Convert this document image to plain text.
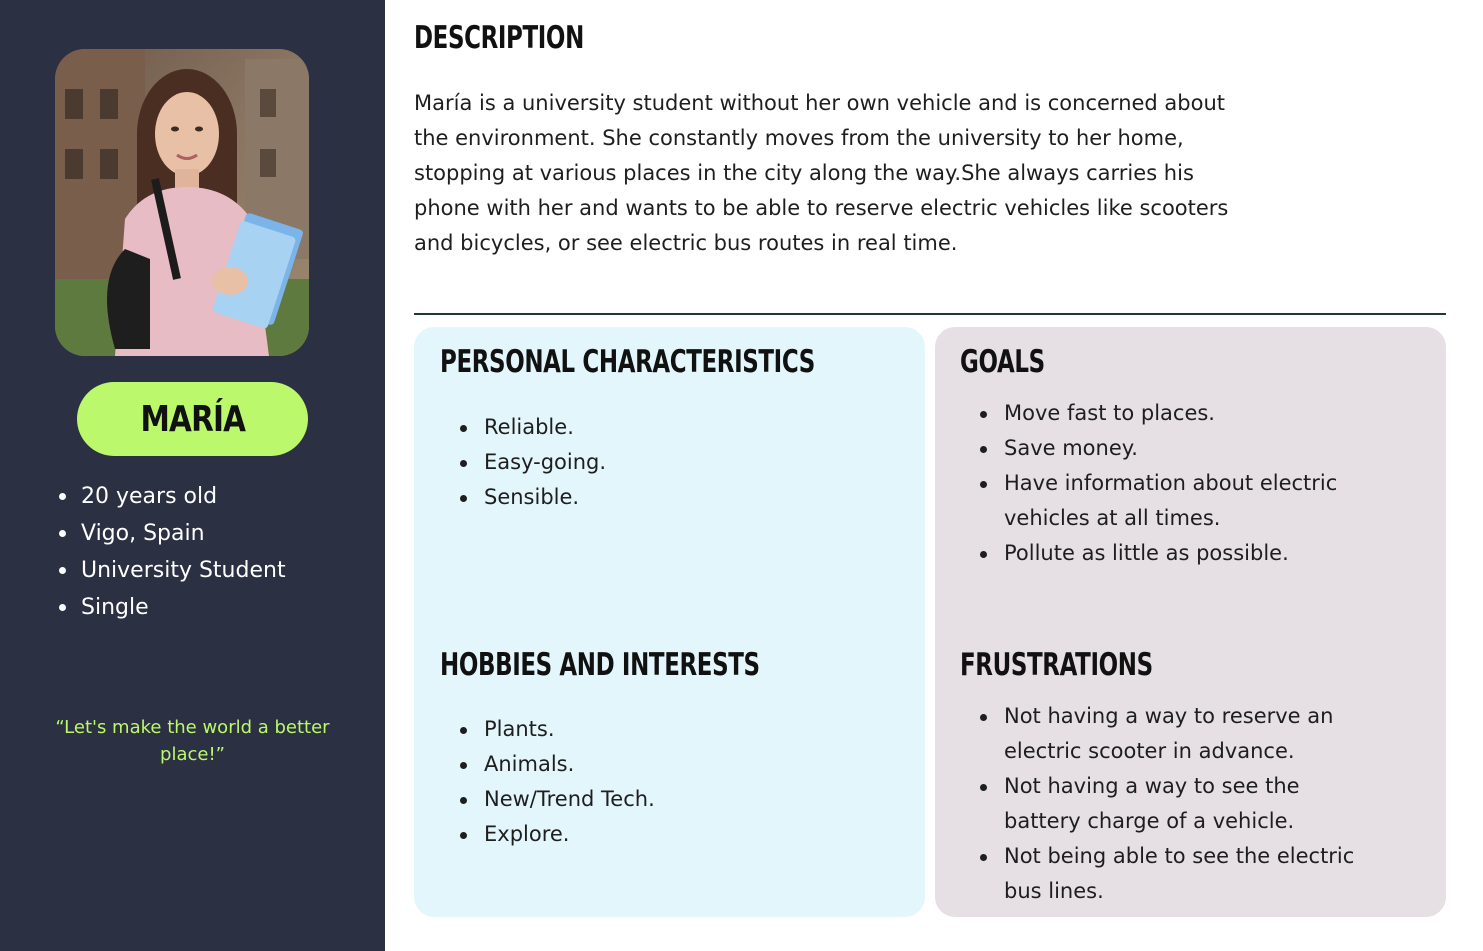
MARÍA
20 years old
Vigo, Spain
University Student
Single
“Let's make the world a better place!”
DESCRIPTION

María is a university student without her own vehicle and is concerned about the environment. She constantly moves from the university to her home, stopping at various places in the city along the way.She always carries his phone with her and wants to be able to reserve electric vehicles like scooters and bicycles, or see electric bus routes in real time.

PERSONAL CHARACTERISTICS
Reliable.
Easy-going.
Sensible.
HOBBIES AND INTERESTS
Plants.
Animals.
New/Trend Tech.
Explore.
GOALS
Move fast to places.
Save money.
Have information about electric vehicles at all times.
Pollute as little as possible.
FRUSTRATIONS
Not having a way to reserve an electric scooter in advance.
Not having a way to see the battery charge of a vehicle.
Not being able to see the electric bus lines.
